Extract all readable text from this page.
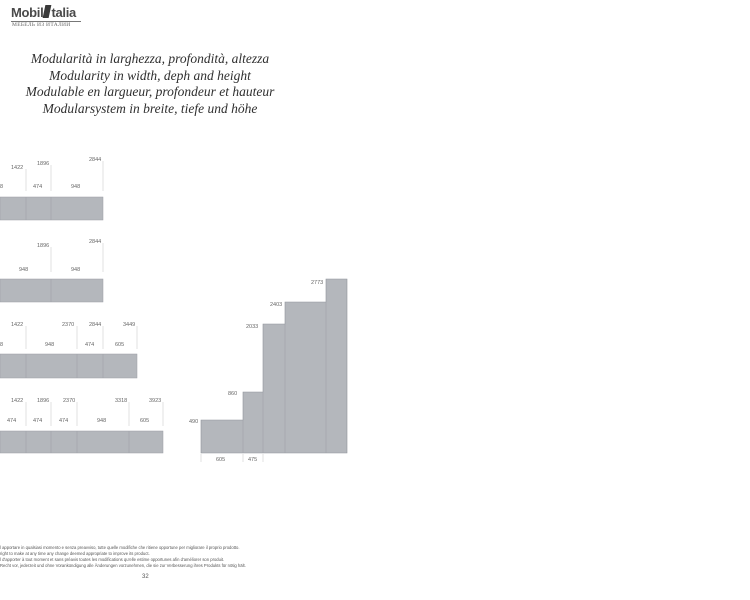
Mobil talia
МЕБЕЛЬ ИЗ ИТАЛИИ
Modularità in larghezza, profondità, altezza
Modularity in width, deph and height
Modulable en largueur, profondeur et hauteur
Modularsystem in breite, tiefe und höhe
1422
1896
2844
8	474	948
1896
2844
948	948
1422	2370	2844	3449
8	948	474	605
1422	1896	2370	3318	3923
474	474	474	948	605	490
860
2033
2403
2773
605	475
l apportare in qualsiasi momento e senza preavviso, tutte quelle modifiche che ritiene opportune per migliorare il proprio prodotto.
right to make at any time any change deemed appropriate to improve its product.
l d'apporter à tout moment et sans préavis toutes les modifications qu'elle estime opportunes afin d'améliorer son produit.
Recht vor, jederzeit und ohne Vorankündigung alle Änderungen vorzunehmen, die sie zur Verbesserung ihres Produkts für nötig hält.
32
